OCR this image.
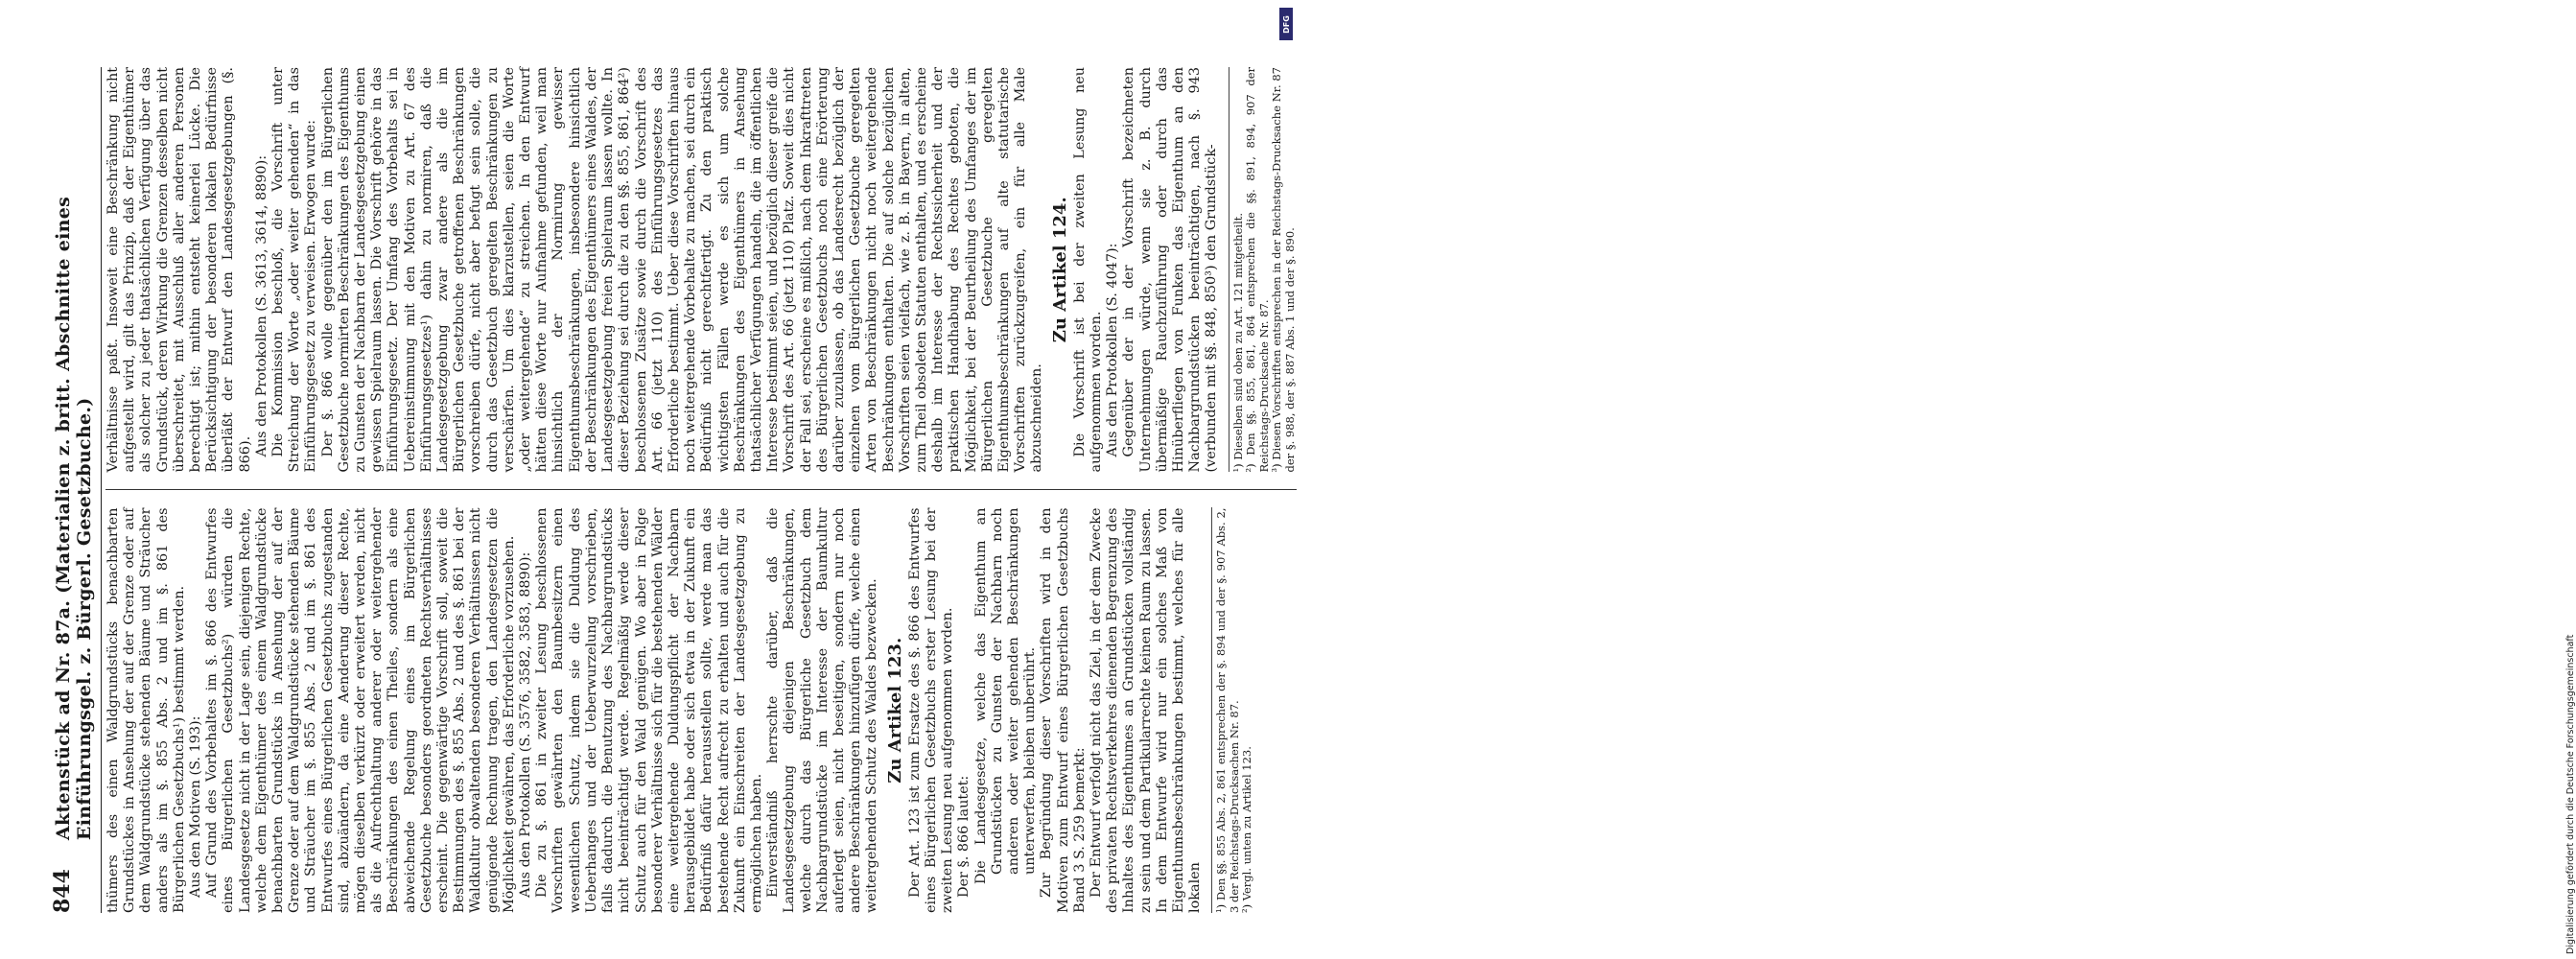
844
Aktenstück ad Nr. 87a. (Materialien z. britt. Abschnitte eines Einführungsgel. z. Bürgerl. Gesetzbuche.) thümers des einen Waldgrundstücks benachbarten Grundstückes in Ansehung der auf der Grenze oder auf dem Waldgrundstücke stehenden Bäume und Sträucher anders als im §. 855 Abs. 2 und im §. 861 des Bürgerlichen Gesetzbuchs¹) bestimmt werden. Aus den Motiven (S. 193): Auf Grund des Vorbehaltes im §. 866 des Entwurfes eines Bürgerlichen Gesetzbuchs²) würden die Landesgesetze nicht in der Lage sein, diejenigen Rechte, welche dem Eigenthümer des einem Waldgrundstücke benachbarten Grundstücks in Ansehung der auf der Grenze oder auf dem Waldgrundstücke stehenden Bäume und Sträucher im §. 855 Abs. 2 und im §. 861 des Entwurfes eines Bürgerlichen Gesetzbuchs zugestanden sind, abzuändern, da eine Aenderung dieser Rechte, mögen dieselben verkürzt oder erweitert werden, nicht als die Aufrechthaltung anderer oder weitergehender Beschränkungen des einen Theiles, sondern als eine abweichende Regelung eines im Bürgerlichen Gesetzbuche besonders geordneten Rechtsverhältnisses erscheint. Die gegenwärtige Vorschrift soll, soweit die Bestimmungen des §. 855 Abs. 2 und des §. 861 bei der Waldkultur obwaltenden besonderen Verhältnissen nicht genügende Rechnung tragen, den Landesgesetzen die Möglichkeit gewähren, das Erforderliche vorzusehen. Aus den Protokollen (S. 3576, 3582, 3583, 8890): Die zu §. 861 in zweiter Lesung beschlossenen Vorschriften gewährten den Baumbesitzern einen wesentlichen Schutz, indem sie die Duldung des Ueberhanges und der Ueberwurzelung vorschrieben, falls dadurch die Benutzung des Nachbargrundstücks nicht beeinträchtigt werde. Regelmäßig werde dieser Schutz auch für den Wald genügen. Wo aber in Folge besonderer Verhältnisse sich für die bestehenden Wälder eine weitergehende Duldungspflicht der Nachbarn herausgebildet habe oder sich etwa in der Zukunft ein Bedürfniß dafür herausstellen sollte, werde man das bestehende Recht aufrecht zu erhalten und auch für die Zukunft ein Einschreiten der Landesgesetzgebung zu ermöglichen haben. Einverständniß herrschte darüber, daß die Landesgesetzgebung diejenigen Beschränkungen, welche durch das Bürgerliche Gesetzbuch dem Nachbargrundstücke im Interesse der Baumkultur auferlegt seien, nicht beseitigen, sondern nur noch andere Beschränkungen hinzufügen dürfe, welche einen weitergehenden Schutz des Waldes bezwecken. Zu Artikel 123. Der Art. 123 ist zum Ersatze des §. 866 des Entwurfes eines Bürgerlichen Gesetzbuchs erster Lesung bei der zweiten Lesung neu aufgenommen worden. Der §. 866 lautet: Die Landesgesetze, welche das Eigenthum an Grundstücken zu Gunsten der Nachbarn noch anderen oder weiter gehenden Beschränkungen unterwerfen, bleiben unberührt. Zur Begründung dieser Vorschriften wird in den Motiven zum Entwurf eines Bürgerlichen Gesetzbuchs Band 3 S. 259 bemerkt: Der Entwurf verfolgt nicht das Ziel, in der dem Zwecke des privaten Rechtsverkehres dienenden Begrenzung des Inhaltes des Eigenthumes an Grundstücken vollständig zu sein und dem Partikularrechte keinen Raum zu lassen. In dem Entwurfe wird nur ein solches Maß von Eigenthumsbeschränkungen bestimmt, welches für alle lokalen ¹) Den §§. 855 Abs. 2, 861 entsprechen der §. 894 und der §. 907 Abs. 2, 3 der Reichstags-Drucksachen Nr. 87. ²) Vergl. unten zu Artikel 123.

Verhältnisse paßt. Insoweit eine Beschränkung nicht aufgestellt wird, gilt das Prinzip, daß der Eigenthümer als solcher zu jeder thatsächlichen Verfügung über das Grundstück, deren Wirkung die Grenzen desselben nicht überschreitet, mit Ausschluß aller anderen Personen berechtigt ist; mithin entsteht keinerlei Lücke. Die Berücksichtigung der besonderen lokalen Bedürfnisse überläßt der Entwurf den Landesgesetzgebungen (§. 866). Aus den Protokollen (S. 3613, 3614, 8890): Die Kommission beschloß, die Vorschrift unter Streichung der Worte „oder weiter gehenden“ in das Einführungsgesetz zu verweisen. Erwogen wurde: Der §. 866 wolle gegenüber den im Bürgerlichen Gesetzbuche normirten Beschränkungen des Eigenthums zu Gunsten der Nachbarn der Landesgesetzgebung einen gewissen Spielraum lassen. Die Vorschrift gehöre in das Einführungsgesetz. Der Umfang des Vorbehalts sei in Uebereinstimmung mit den Motiven zu Art. 67 des Einführungsgesetzes¹) dahin zu normiren, daß die Landesgesetzgebung zwar andere als die im Bürgerlichen Gesetzbuche getroffenen Beschränkungen vorschreiben dürfe, nicht aber befugt sein solle, die durch das Gesetzbuch geregelten Beschränkungen zu verschärfen. Um dies klarzustellen, seien die Worte „oder weitergehende“ zu streichen. In den Entwurf hätten diese Worte nur Aufnahme gefunden, weil man hinsichtlich der Normirung gewisser Eigenthumsbeschränkungen, insbesondere hinsichtlich der Beschränkungen des Eigenthümers eines Waldes, der Landesgesetzgebung freien Spielraum lassen wollte. In dieser Beziehung sei durch die zu den §§. 855, 861, 864²) beschlossenen Zusätze sowie durch die Vorschrift des Art. 66 (jetzt 110) des Einführungsgesetzes das Erforderliche bestimmt. Ueber diese Vorschriften hinaus noch weitergehende Vorbehalte zu machen, sei durch ein Bedürfniß nicht gerechtfertigt. Zu den praktisch wichtigsten Fällen werde es sich um solche Beschränkungen des Eigenthümers in Ansehung thatsächlicher Verfügungen handeln, die im öffentlichen Interesse bestimmt seien, und bezüglich dieser greife die Vorschrift des Art. 66 (jetzt 110) Platz. Soweit dies nicht der Fall sei, erscheine es mißlich, nach dem Inkrafttreten des Bürgerlichen Gesetzbuchs noch eine Erörterung darüber zuzulassen, ob das Landesrecht bezüglich der einzelnen vom Bürgerlichen Gesetzbuche geregelten Arten von Beschränkungen nicht noch weitergehende Beschränkungen enthalten. Die auf solche bezüglichen Vorschriften seien vielfach, wie z. B. in Bayern, in alten, zum Theil obsoleten Statuten enthalten, und es erscheine deshalb im Interesse der Rechtssicherheit und der praktischen Handhabung des Rechtes geboten, die Möglichkeit, bei der Beurtheilung des Umfanges der im Bürgerlichen Gesetzbuche geregelten Eigenthumsbeschränkungen auf alte statutarische Vorschriften zurückzugreifen, ein für alle Male abzuschneiden.

Zu Artikel 124. Die Vorschrift ist bei der zweiten Lesung neu aufgenommen worden. Aus den Protokollen (S. 4047): Gegenüber der in der Vorschrift bezeichneten Unternehmungen würde, wenn sie z. B. durch übermäßige Rauchzuführung oder durch das Hinüberfliegen von Funken das Eigenthum an den Nachbargrundstücken beeinträchtigen, nach §. 943 (verbunden mit §§. 848, 850³) den Grundstück- ¹) Dieselben sind oben zu Art. 121 mitgetheilt. ²) Den §§. 855, 861, 864 entsprechen die §§. 891, 894, 907 der Reichstags-Drucksache Nr. 87. ³) Diesen Vorschriften entsprechen in der Reichstags-Drucksache Nr. 87 der §. 988, der §. 887 Abs. 1 und der §. 890.

Digitalisierung gefördert durch die Deutsche Forschungsgemeinschaft
DFG
